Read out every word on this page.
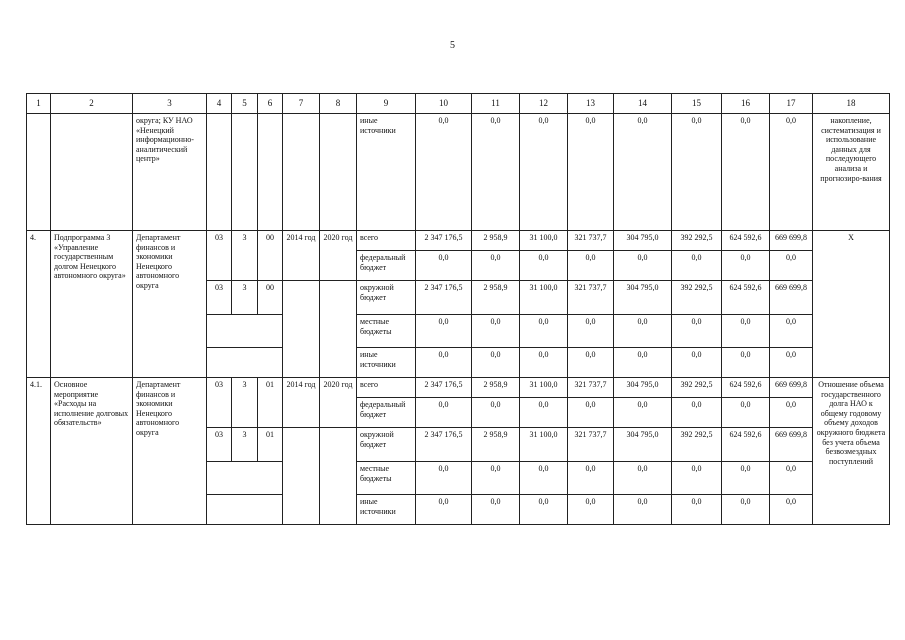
5
1	2	3	4	5	6	7	8	9	10	11	12	13	14	15	16	17	18
		округа; КУ НАО «Ненецкий информационно-аналитический центр»						иные источники	0,0	0,0	0,0	0,0	0,0	0,0	0,0	0,0	накопление, систематизация и использование данных для последующего анализа и прогнозиро-вания
4.	Подпрограмма 3 «Управление государственным долгом Ненецкого автономного округа»	Департамент финансов и экономики Ненецкого автономного округа	03	3	00	2014 год	2020 год	всего	2 347 176,5	2 958,9	31 100,0	321 737,7	304 795,0	392 292,5	624 592,6	669 699,8	Х
								федеральный бюджет	0,0	0,0	0,0	0,0	0,0	0,0	0,0	0,0	
			03	3	00			окружной бюджет	2 347 176,5	2 958,9	31 100,0	321 737,7	304 795,0	392 292,5	624 592,6	669 699,8	
								местные бюджеты	0,0	0,0	0,0	0,0	0,0	0,0	0,0	0,0	
								иные источники	0,0	0,0	0,0	0,0	0,0	0,0	0,0	0,0	
4.1.	Основное мероприятие «Расходы на исполнение долговых обязательств»	Департамент финансов и экономики Ненецкого автономного округа	03	3	01	2014 год	2020 год	всего	2 347 176,5	2 958,9	31 100,0	321 737,7	304 795,0	392 292,5	624 592,6	669 699,8	Отношение объема государственного долга НАО к общему годовому объему доходов окружного бюджета без учета объема безвозмездных поступлений
								федеральный бюджет	0,0	0,0	0,0	0,0	0,0	0,0	0,0	0,0	
			03	3	01			окружной бюджет	2 347 176,5	2 958,9	31 100,0	321 737,7	304 795,0	392 292,5	624 592,6	669 699,8	
								местные бюджеты	0,0	0,0	0,0	0,0	0,0	0,0	0,0	0,0	
								иные источники	0,0	0,0	0,0	0,0	0,0	0,0	0,0	0,0	
